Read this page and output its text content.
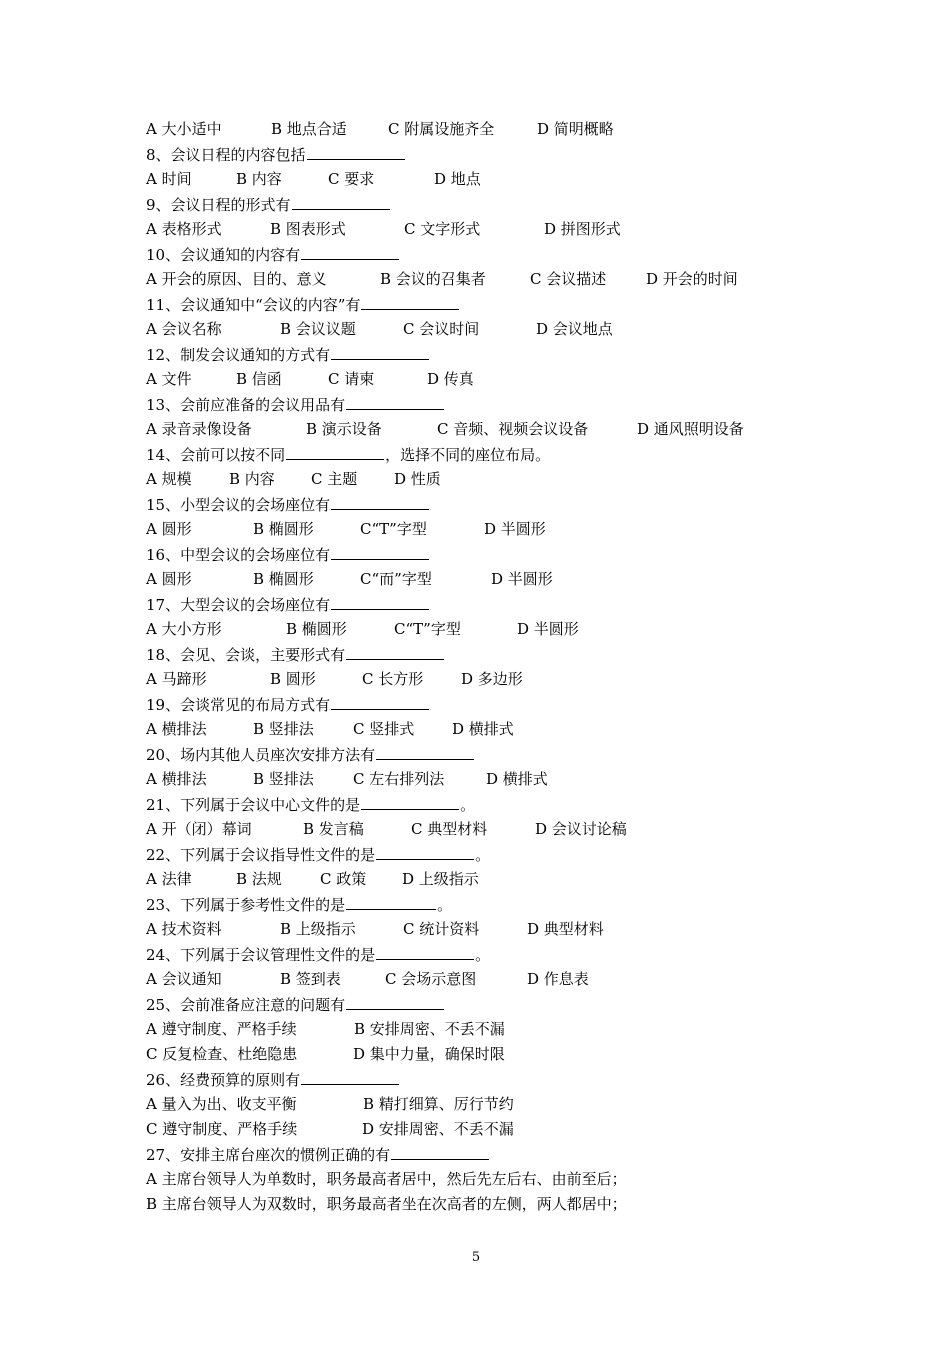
A 大小适中	B 地点合适	C 附属设施齐全	D 简明概略
8、会议日程的内容包括
A 时间	B 内容	C 要求	D 地点
9、会议日程的形式有
A 表格形式	B 图表形式	C 文字形式	D 拼图形式
10、会议通知的内容有
A 开会的原因、目的、意义	B 会议的召集者	C 会议描述	D 开会的时间
11、会议通知中“会议的内容”有
A 会议名称	B 会议议题	C 会议时间	D 会议地点
12、制发会议通知的方式有
A 文件	B 信函	C 请柬	D 传真
13、会前应准备的会议用品有
A 录音录像设备	B 演示设备	C 音频、视频会议设备	D 通风照明设备
14、会前可以按不同	，选择不同的座位布局。
A 规模 B 内容 C 主题 D 性质
15、小型会议的会场座位有
A 圆形	B 椭圆形	C“T”字型	D 半圆形
16、中型会议的会场座位有
A 圆形	B 椭圆形	C“而”字型	D 半圆形
17、大型会议的会场座位有
A 大小方形	B 椭圆形	C“T”字型	D 半圆形
18、会见、会谈，主要形式有
A 马蹄形	B 圆形	C 长方形	D 多边形
19、会谈常见的布局方式有
A 横排法	B 竖排法	C 竖排式	D 横排式
20、场内其他人员座次安排方法有
A 横排法	B 竖排法	C 左右排列法	D 横排式
21、下列属于会议中心文件的是	。
A 开（闭）幕词	B 发言稿	C 典型材料	D 会议讨论稿
22、下列属于会议指导性文件的是	。
A 法律	B 法规	C 政策 D 上级指示
23、下列属于参考性文件的是	。
A 技术资料	B 上级指示	C 统计资料	D 典型材料
24、下列属于会议管理性文件的是	。
A 会议通知	B 签到表	C 会场示意图	D 作息表
25、会前准备应注意的问题有
A 遵守制度、严格手续	B 安排周密、不丢不漏
C 反复检查、杜绝隐患	D 集中力量，确保时限
26、经费预算的原则有
A 量入为出、收支平衡	B 精打细算、厉行节约
C 遵守制度、严格手续	D 安排周密、不丢不漏
27、安排主席台座次的惯例正确的有
A 主席台领导人为单数时，职务最高者居中，然后先左后右、由前至后；
B 主席台领导人为双数时，职务最高者坐在次高者的左侧，两人都居中；
5
